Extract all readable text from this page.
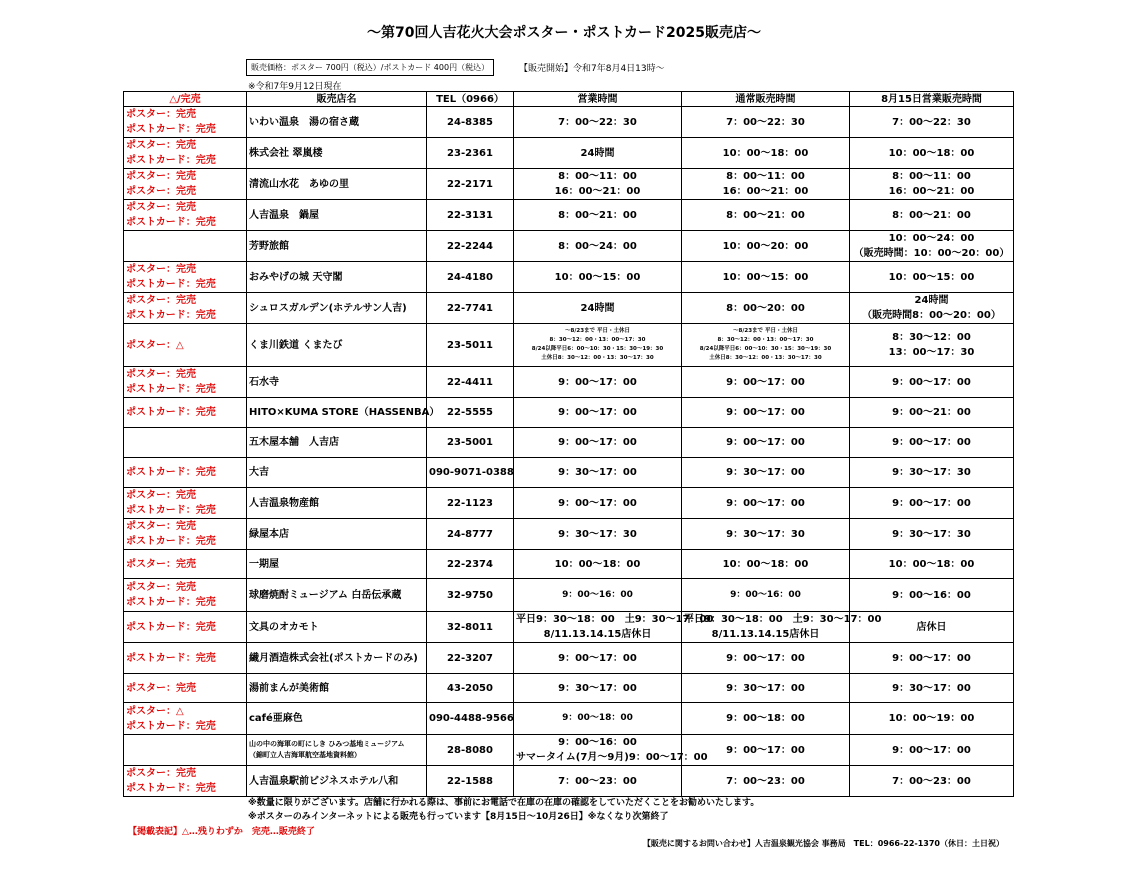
～第70回人吉花火大会ポスター・ポストカード2025販売店～
販売価格：ポスター 700円（税込）/ポストカード 400円（税込）	【販売開始】令和7年8月4日13時～
※令和7年9月12日現在
△/完売	販売店名	TEL（0966）	営業時間	通常販売時間	8月15日営業販売時間

ポスター：完売
ポストカード：完売	いわい温泉　湯の宿さ蔵	24-8385	7：00～22：30	7：00～22：30	7：00～22：30

ポスター：完売
ポストカード：完売	株式会社 翠嵐楼	23-2361	24時間	10：00～18：00	10：00～18：00

ポスター：完売
ポスター：完売	清流山水花　あゆの里	22-2171	8：00～11：00
16：00～21：00	8：00～11：00
16：00～21：00	8：00～11：00
16：00～21：00

ポスター：完売
ポストカード：完売	人吉温泉　鍋屋	22-3131	8：00～21：00	8：00～21：00	8：00～21：00

	芳野旅館	22-2244	8：00～24：00	10：00～20：00	10：00～24：00
（販売時間：10：00～20：00）

ポスター：完売
ポストカード：完売	おみやげの城 天守閣	24-4180	10：00～15：00	10：00～15：00	10：00～15：00

ポスター：完売
ポストカード：完売	シュロスガルデン(ホテルサン人吉)	22-7741	24時間	8：00～20：00	24時間
（販売時間8：00～20：00）

ポスター：△	くま川鉄道 くまたび	23-5011	～8/23まで 平日・土休日
8：30～12：00・13：00～17：30
8/24以降平日6：00～10：30・15：30～19：30
土休日8：30～12：00・13：30～17：30	～8/23まで 平日・土休日
8：30～12：00・13：00～17：30
8/24以降平日6：00～10：30・15：30～19：30
土休日8：30～12：00・13：30～17：30	8：30～12：00
13：00～17：30

ポスター：完売
ポストカード：完売	石水寺	22-4411	9：00～17：00	9：00～17：00	9：00～17：00

ポストカード：完売	HITO×KUMA STORE（HASSENBA）	22-5555	9：00～17：00	9：00～17：00	9：00～21：00

	五木屋本舗　人吉店	23-5001	9：00～17：00	9：00～17：00	9：00～17：00

ポストカード：完売	大吉	090-9071-0388	9：30～17：00	9：30～17：00	9：30～17：30

ポスター：完売
ポストカード：完売	人吉温泉物産館	22-1123	9：00～17：00	9：00～17：00	9：00～17：00

ポスター：完売
ポストカード：完売	緑屋本店	24-8777	9：30～17：30	9：30～17：30	9：30～17：30

ポスター：完売	一期屋	22-2374	10：00～18：00	10：00～18：00	10：00～18：00

ポスター：完売
ポストカード：完売	球磨焼酎ミュージアム 白岳伝承蔵	32-9750	9：00～16：00	9：00～16：00	9：00～16：00

ポストカード：完売	文具のオカモト	32-8011	平日9：30～18：00　土9：30～17：00
8/11.13.14.15店休日	平日9：30～18：00　土9：30～17：00
8/11.13.14.15店休日	店休日

ポストカード：完売	繊月酒造株式会社(ポストカードのみ)	22-3207	9：00～17：00	9：00～17：00	9：00～17：00

ポスター：完売	湯前まんが美術館	43-2050	9：30～17：00	9：30～17：00	9：30～17：00

ポスター：△
ポストカード：完売	café亜麻色	090-4488-9566	9：00～18：00	9：00～18：00	10：00～19：00

	山の中の海軍の町にしき ひみつ基地ミュージアム
（錦町立人吉海軍航空基地資料館）	28-8080	9：00～16：00
サマータイム(7月～9月)9：00～17：00	9：00～17：00	9：00～17：00

ポスター：完売
ポストカード：完売	人吉温泉駅前ビジネスホテル八和	22-1588	7：00～23：00	7：00～23：00	7：00～23：00
※数量に限りがございます。店舗に行かれる際は、事前にお電話で在庫の在庫の確認をしていただくことをお勧めいたします。
※ポスターのみインターネットによる販売も行っています【8月15日～10月26日】※なくなり次第終了
【掲載表記】△…残りわずか　完売…販売終了
【販売に関するお問い合わせ】人吉温泉観光協会 事務局　TEL：0966-22-1370（休日：土日祝）
